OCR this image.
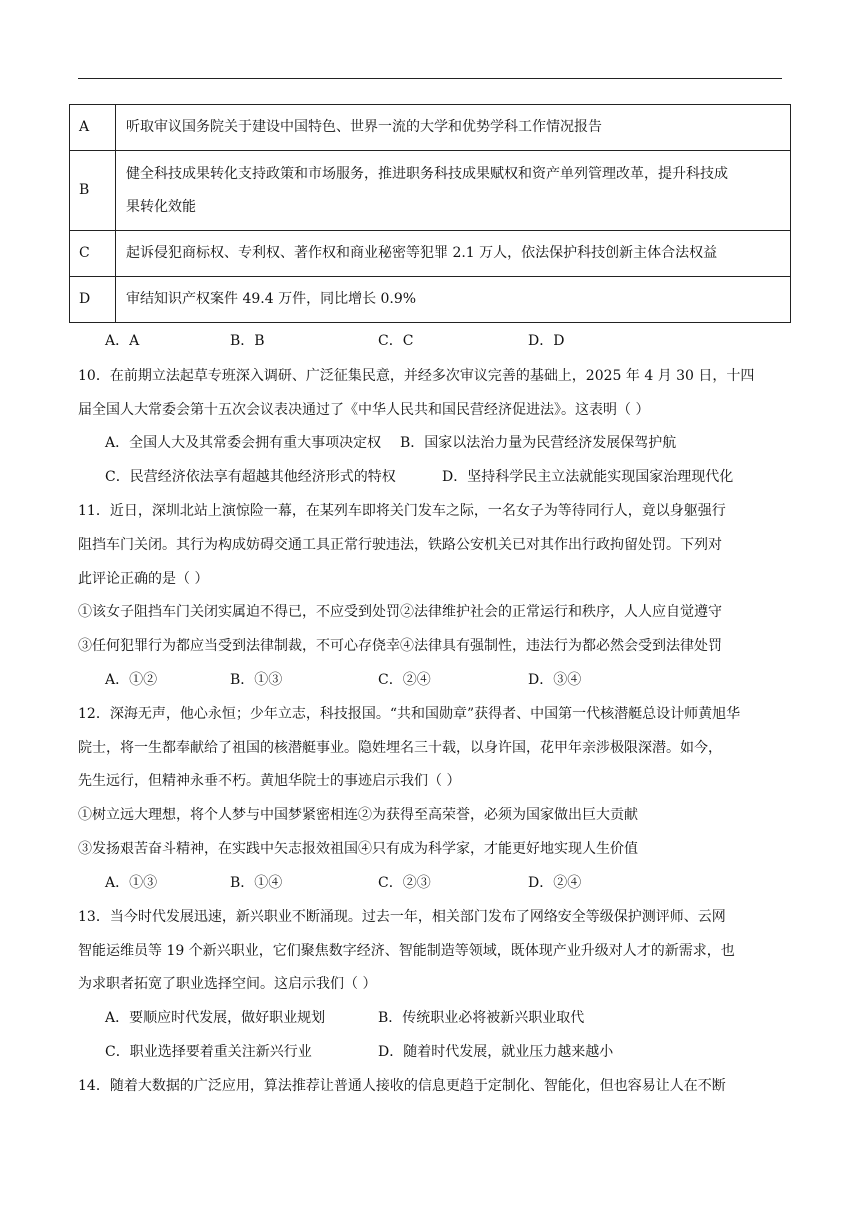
A	听取审议国务院关于建设中国特色、世界一流的大学和优势学科工作情况报告
B	健全科技成果转化支持政策和市场服务，推进职务科技成果赋权和资产单列管理改革，提升科技成
果转化效能

C	起诉侵犯商标权、专利权、著作权和商业秘密等犯罪 2.1 万人，依法保护科技创新主体合法权益
D	审结知识产权案件 49.4 万件，同比增长 0.9%
A．A	B．B	C．C	D．D
10．在前期立法起草专班深入调研、广泛征集民意，并经多次审议完善的基础上，2025 年 4 月 30 日，十四
届全国人大常委会第十五次会议表决通过了《中华人民共和国民营经济促进法》。这表明（ ）
A．全国人大及其常委会拥有重大事项决定权 B．国家以法治力量为民营经济发展保驾护航
C．民营经济依法享有超越其他经济形式的特权	D．坚持科学民主立法就能实现国家治理现代化
11．近日，深圳北站上演惊险一幕，在某列车即将关门发车之际，一名女子为等待同行人，竟以身躯强行
阻挡车门关闭。其行为构成妨碍交通工具正常行驶违法，铁路公安机关已对其作出行政拘留处罚。下列对
此评论正确的是（ ）
①该女子阻挡车门关闭实属迫不得已，不应受到处罚②法律维护社会的正常运行和秩序，人人应自觉遵守
③任何犯罪行为都应当受到法律制裁，不可心存侥幸④法律具有强制性，违法行为都必然会受到法律处罚
A．①②	B．①③	C．②④	D．③④
12．深海无声，他心永恒；少年立志，科技报国。“共和国勋章”获得者、中国第一代核潜艇总设计师黄旭华
院士，将一生都奉献给了祖国的核潜艇事业。隐姓埋名三十载，以身许国，花甲年亲涉极限深潜。如今，
先生远行，但精神永垂不朽。黄旭华院士的事迹启示我们（ ）
①树立远大理想，将个人梦与中国梦紧密相连②为获得至高荣誉，必须为国家做出巨大贡献
③发扬艰苦奋斗精神，在实践中矢志报效祖国④只有成为科学家，才能更好地实现人生价值
A．①③	B．①④	C．②③	D．②④
13．当今时代发展迅速，新兴职业不断涌现。过去一年，相关部门发布了网络安全等级保护测评师、云网
智能运维员等 19 个新兴职业，它们聚焦数字经济、智能制造等领域，既体现产业升级对人才的新需求，也
为求职者拓宽了职业选择空间。这启示我们（ ）
A．要顺应时代发展，做好职业规划	B．传统职业必将被新兴职业取代
C．职业选择要着重关注新兴行业	D．随着时代发展，就业压力越来越小
14．随着大数据的广泛应用，算法推荐让普通人接收的信息更趋于定制化、智能化，但也容易让人在不断
